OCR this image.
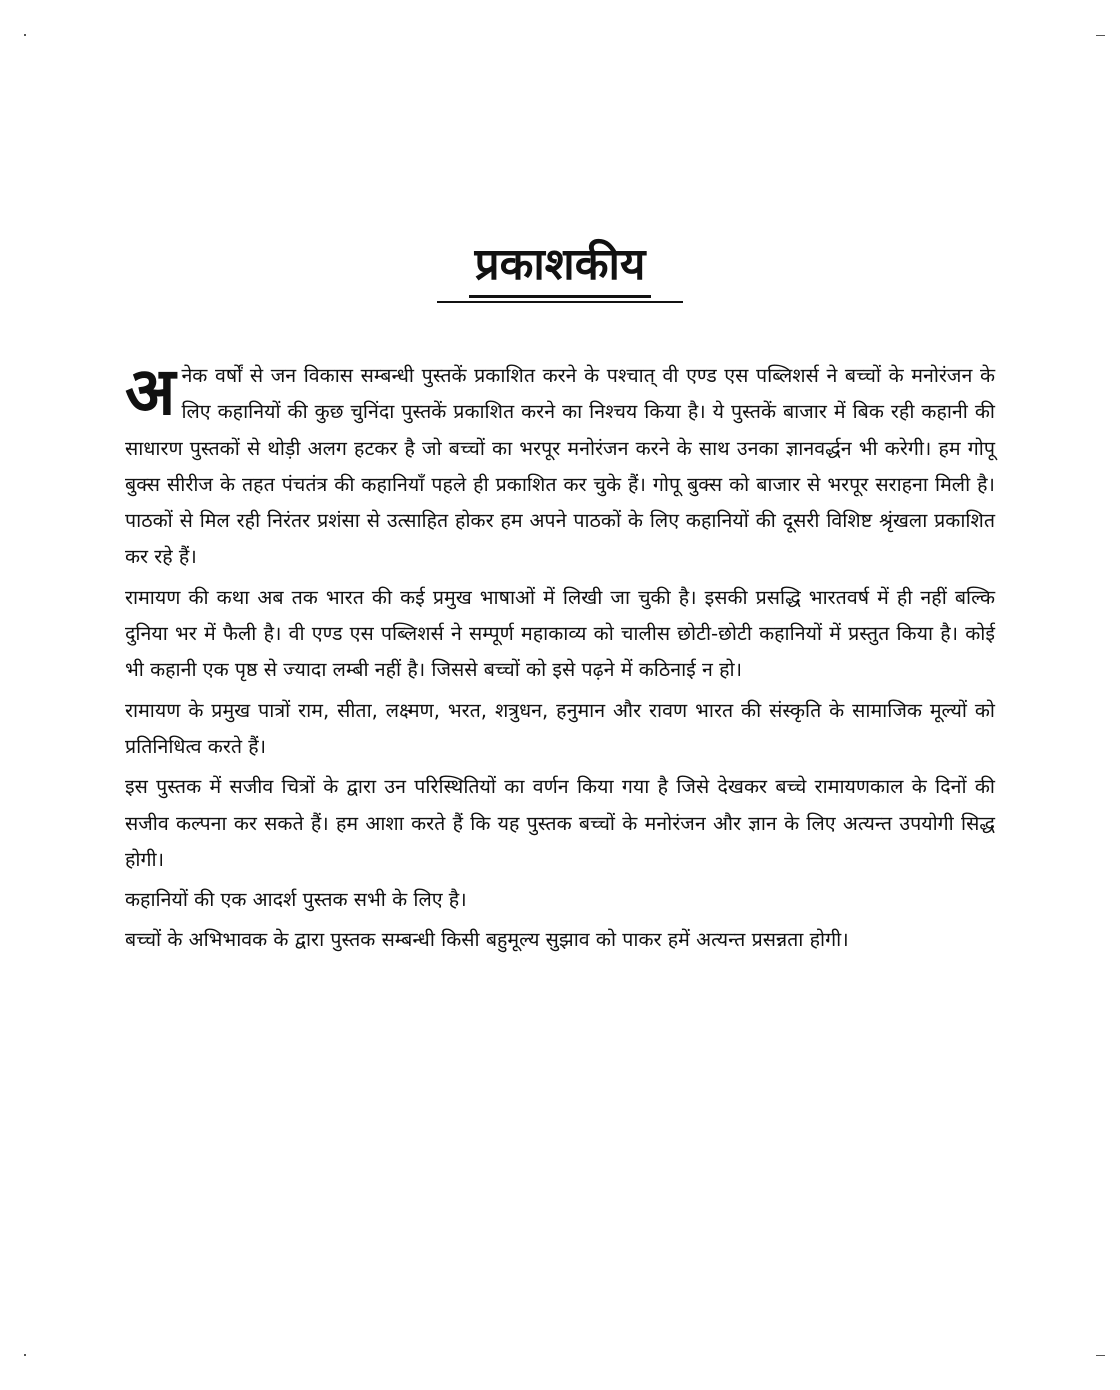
प्रकाशकीय

अनेक वर्षों से जन विकास सम्बन्धी पुस्तकें प्रकाशित करने के पश्चात् वी एण्ड एस पब्लिशर्स ने बच्चों के मनोरंजन के लिए कहानियों की कुछ चुनिंदा पुस्तकें प्रकाशित करने का निश्चय किया है। ये पुस्तकें बाजार में बिक रही कहानी की साधारण पुस्तकों से थोड़ी अलग हटकर है जो बच्चों का भरपूर मनोरंजन करने के साथ उनका ज्ञानवर्द्धन भी करेगी। हम गोपू बुक्स सीरीज के तहत पंचतंत्र की कहानियाँ पहले ही प्रकाशित कर चुके हैं। गोपू बुक्स को बाजार से भरपूर सराहना मिली है। पाठकों से मिल रही निरंतर प्रशंसा से उत्साहित होकर हम अपने पाठकों के लिए कहानियों की दूसरी विशिष्ट श्रृंखला प्रकाशित कर रहे हैं।

रामायण की कथा अब तक भारत की कई प्रमुख भाषाओं में लिखी जा चुकी है। इसकी प्रसद्धि भारतवर्ष में ही नहीं बल्कि दुनिया भर में फैली है। वी एण्ड एस पब्लिशर्स ने सम्पूर्ण महाकाव्य को चालीस छोटी-छोटी कहानियों में प्रस्तुत किया है। कोई भी कहानी एक पृष्ठ से ज्यादा लम्बी नहीं है। जिससे बच्चों को इसे पढ़ने में कठिनाई न हो।

रामायण के प्रमुख पात्रों राम, सीता, लक्ष्मण, भरत, शत्रुधन, हनुमान और रावण भारत की संस्कृति के सामाजिक मूल्यों को प्रतिनिधित्व करते हैं।

इस पुस्तक में सजीव चित्रों के द्वारा उन परिस्थितियों का वर्णन किया गया है जिसे देखकर बच्चे रामायणकाल के दिनों की सजीव कल्पना कर सकते हैं। हम आशा करते हैं कि यह पुस्तक बच्चों के मनोरंजन और ज्ञान के लिए अत्यन्त उपयोगी सिद्ध होगी।

कहानियों की एक आदर्श पुस्तक सभी के लिए है।

बच्चों के अभिभावक के द्वारा पुस्तक सम्बन्धी किसी बहुमूल्य सुझाव को पाकर हमें अत्यन्त प्रसन्नता होगी।
